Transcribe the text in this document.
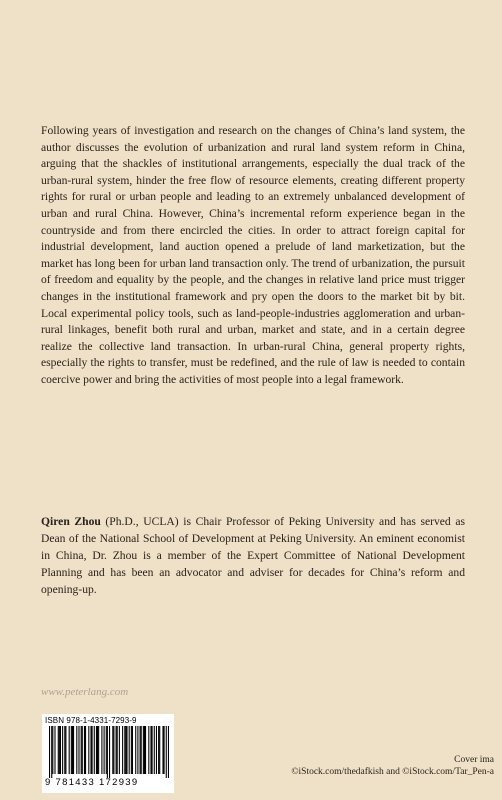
Following years of investigation and research on the changes of China’s land system, the author discusses the evolution of urbanization and rural land system reform in China, arguing that the shackles of institutional arrangements, especially the dual track of the urban-rural system, hinder the free flow of resource elements, creating different property rights for rural or urban people and leading to an extremely unbalanced development of urban and rural China. However, China’s incremental reform experience began in the countryside and from there encircled the cities. In order to attract foreign capital for industrial development, land auction opened a prelude of land marketization, but the market has long been for urban land transaction only. The trend of urbanization, the pursuit of freedom and equality by the people, and the changes in relative land price must trigger changes in the institutional framework and pry open the doors to the market bit by bit. Local experimental policy tools, such as land-people-industries agglomeration and urban-rural linkages, benefit both rural and urban, market and state, and in a certain degree realize the collective land transaction. In urban-rural China, general property rights, especially the rights to transfer, must be redefined, and the rule of law is needed to contain coercive power and bring the activities of most people into a legal framework.

Qiren Zhou (Ph.D., UCLA) is Chair Professor of Peking University and has served as Dean of the National School of Development at Peking University. An eminent economist in China, Dr. Zhou is a member of the Expert Committee of National Development Planning and has been an advocator and adviser for decades for China’s reform and opening-up.

www.peterlang.com

ISBN 978-1-4331-7293-9
9 781433 172939
Cover ima
©iStock.com/thedafkish and ©iStock.com/Tar_Pen-a
